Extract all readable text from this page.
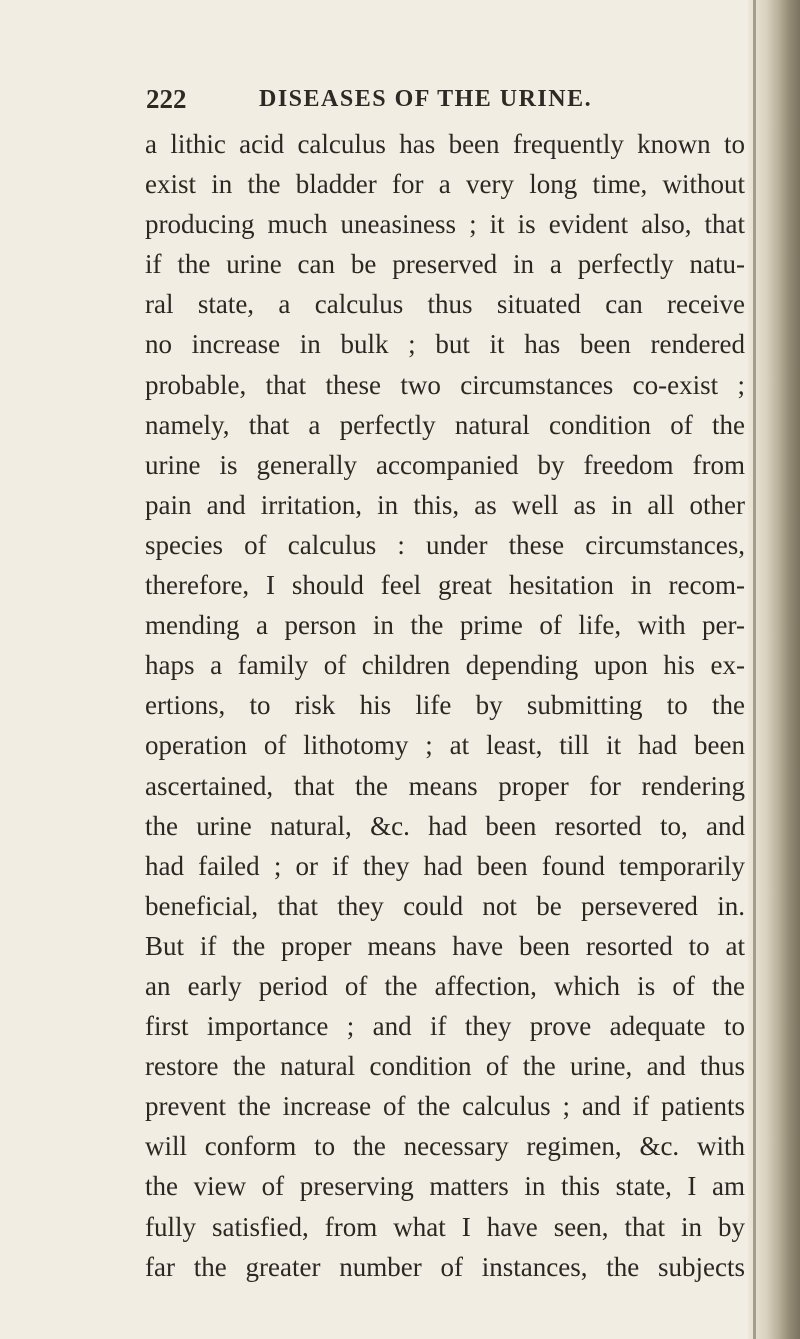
222	DISEASES OF THE URINE.
a lithic acid calculus has been frequently known to
exist in the bladder for a very long time, without
producing much uneasiness ; it is evident also, that
if the urine can be preserved in a perfectly natu-
ral state, a calculus thus situated can receive
no increase in bulk ; but it has been rendered
probable, that these two circumstances co-exist ;
namely, that a perfectly natural condition of the
urine is generally accompanied by freedom from
pain and irritation, in this, as well as in all other
species of calculus : under these circumstances,
therefore, I should feel great hesitation in recom-
mending a person in the prime of life, with per-
haps a family of children depending upon his ex-
ertions, to risk his life by submitting to the
operation of lithotomy ; at least, till it had been
ascertained, that the means proper for rendering
the urine natural, &c. had been resorted to, and
had failed ; or if they had been found temporarily
beneficial, that they could not be persevered in.
But if the proper means have been resorted to at
an early period of the affection, which is of the
first importance ; and if they prove adequate to
restore the natural condition of the urine, and thus
prevent the increase of the calculus ; and if patients
will conform to the necessary regimen, &c. with
the view of preserving matters in this state, I am
fully satisfied, from what I have seen, that in by
far the greater number of instances, the subjects
